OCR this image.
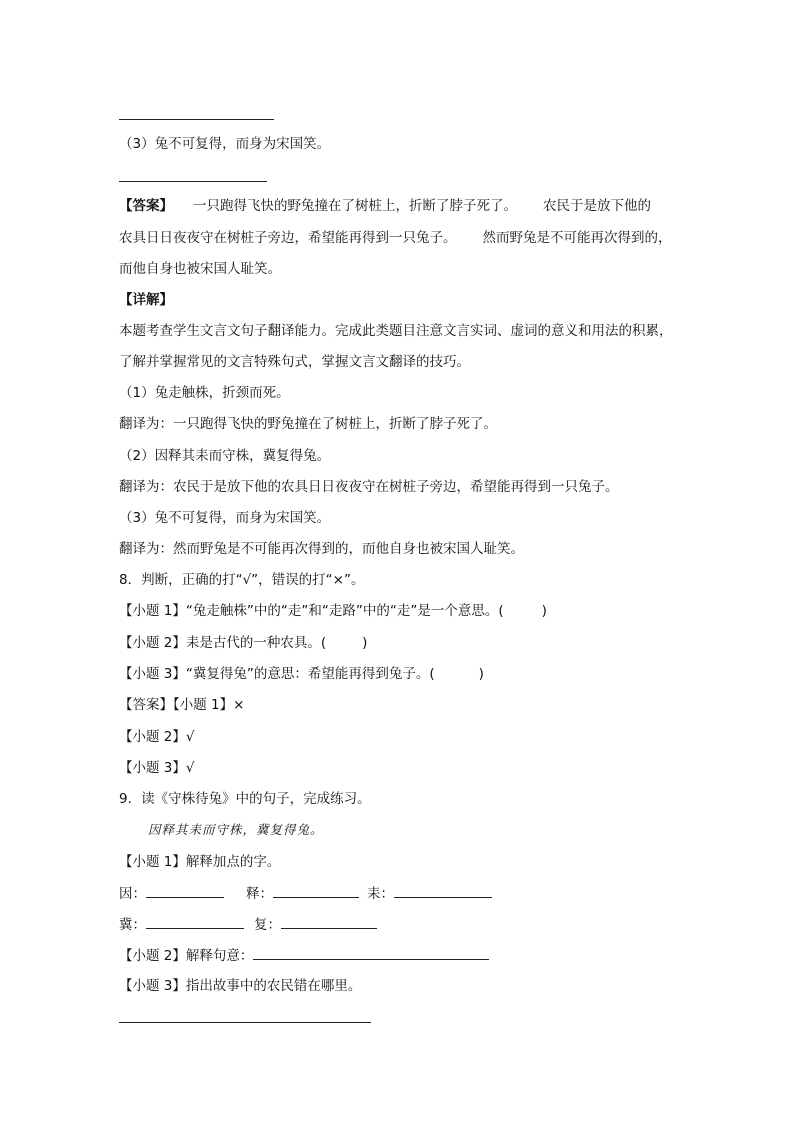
（3）兔不可复得，而身为宋国笑。
【答案】 一只跑得飞快的野兔撞在了树桩上，折断了脖子死了。 农民于是放下他的
农具日日夜夜守在树桩子旁边，希望能再得到一只兔子。 然而野兔是不可能再次得到的，
而他自身也被宋国人耻笑。
【详解】
本题考查学生文言文句子翻译能力。完成此类题目注意文言实词、虚词的意义和用法的积累，
了解并掌握常见的文言特殊句式，掌握文言文翻译的技巧。
（1）兔走触株，折颈而死。
翻译为：一只跑得飞快的野兔撞在了树桩上，折断了脖子死了。
（2）因释其耒而守株，冀复得兔。
翻译为：农民于是放下他的农具日日夜夜守在树桩子旁边，希望能再得到一只兔子。
（3）兔不可复得，而身为宋国笑。
翻译为：然而野兔是不可能再次得到的，而他自身也被宋国人耻笑。
8．判断，正确的打“√”，错误的打“×”。
【小题 1】“兔走触株”中的“走”和“走路”中的“走”是一个意思。(	)
【小题 2】耒是古代的一种农具。(	)
【小题 3】“冀复得兔”的意思：希望能再得到兔子。(	)
【答案】【小题 1】×
【小题 2】√
【小题 3】√
9．读《守株待兔》中的句子，完成练习。
因释其耒而守株，冀复得兔。
【小题 1】解释加点的字。
因：	释：	耒：
冀：	复：
【小题 2】解释句意：
【小题 3】指出故事中的农民错在哪里。
